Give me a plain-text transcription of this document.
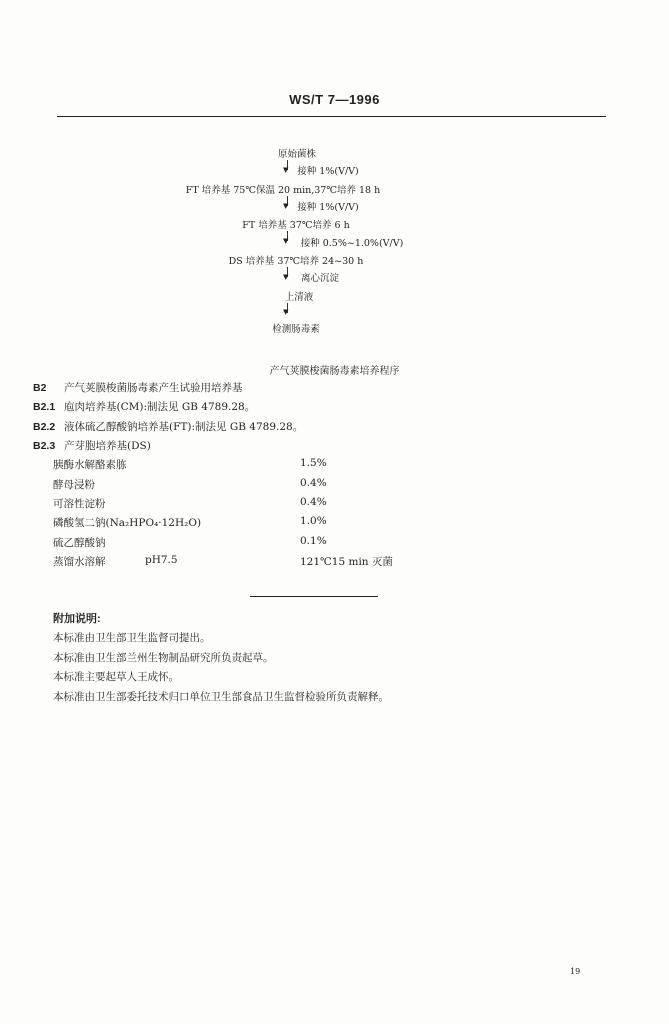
WS/T 7—1996
原始菌株
▼ 接种 1%(V/V)
FT 培养基 75℃保温 20 min,37℃培养 18 h
▼ 接种 1%(V/V)
FT 培养基 37℃培养 6 h
▼ 接种 0.5%~1.0%(V/V)
DS 培养基 37℃培养 24~30 h
▼ 离心沉淀
上清液
▼
检测肠毒素
产气荚膜梭菌肠毒素培养程序
B2 产气荚膜梭菌肠毒素产生试验用培养基
B2.1 庖肉培养基(CM):制法见 GB 4789.28。
B2.2 液体硫乙醇酸钠培养基(FT):制法见 GB 4789.28。
B2.3 产芽胞培养基(DS)
胰酶水解酪素胨	1.5%
酵母浸粉	0.4%
可溶性淀粉	0.4%
磷酸氢二钠(Na₂HPO₄·12H₂O)	1.0%
硫乙醇酸钠	0.1%
蒸馏水溶解	pH7.5	121℃15 min 灭菌
附加说明:
本标准由卫生部卫生监督司提出。
本标准由卫生部兰州生物制品研究所负责起草。
本标准主要起草人王成怀。
本标准由卫生部委托技术归口单位卫生部食品卫生监督检验所负责解释。
19
